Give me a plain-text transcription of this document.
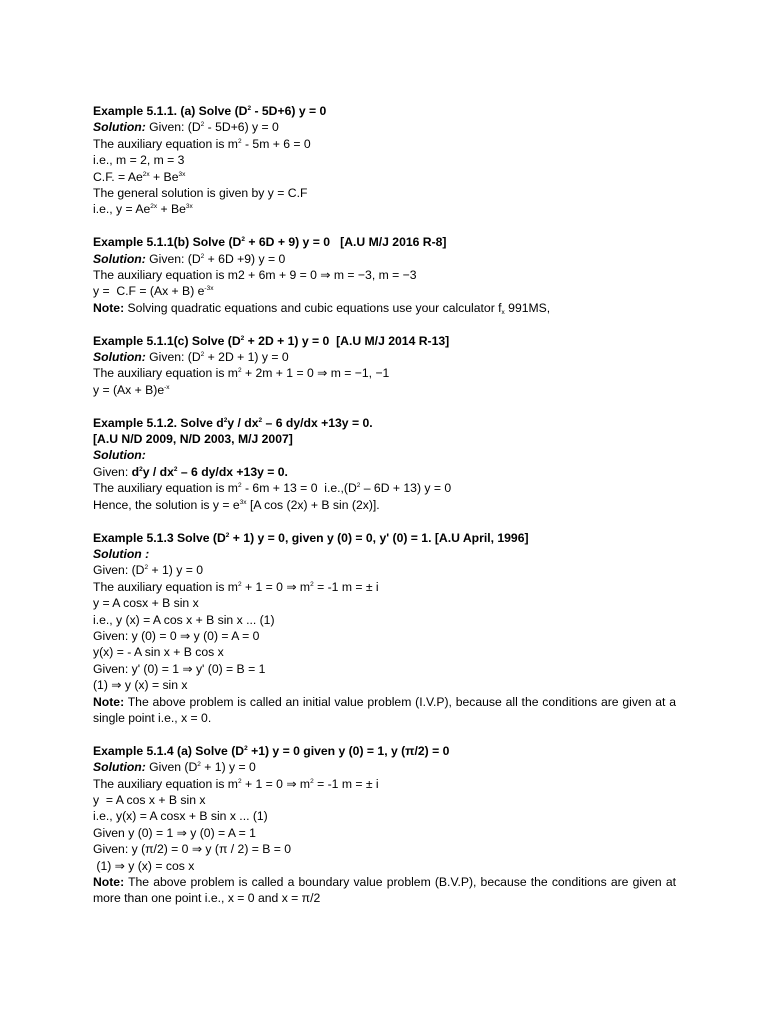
Example 5.1.1. (a) Solve $(D^2 - 5D+6) y = 0$
Solution: Given: $(D^2 - 5D+6) y = 0$
The auxiliary equation is $m^2 - 5m + 6 = 0$
i.e., m = 2, m = 3
C.F. = $Ae^{2x} + Be^{3x}$
The general solution is given by y = C.F
i.e., $y = Ae^{2x} + Be^{3x}$
Example 5.1.1(b) Solve $(D^2 + 6D + 9) y = 0$   [A.U M/J 2016 R-8]
Solution: Given: $(D^2 + 6D +9) y = 0$
The auxiliary equation is m2 + 6m + 9 = 0 ⇒ m = −3, m = −3
y =  C.F = (Ax + B) $e^{-3x}$
Note: Solving quadratic equations and cubic equations use your calculator $f_x$ 991MS,
Example 5.1.1(c) Solve $(D^2 + 2D + 1) y = 0$  [A.U M/J 2014 R-13]
Solution: Given: $(D^2 + 2D + 1) y = 0$
The auxiliary equation is $m^2 + 2m + 1 = 0$ ⇒ m = −1, −1
$y = (Ax + B)e^{-x}$
Example 5.1.2. Solve $d^2y / dx^2 - 6$ dy/dx +13y = 0.
[A.U N/D 2009, N/D 2003, M/J 2007]
Solution:
Given: $d^2y / dx^2 - 6$ dy/dx +13y = 0.
The auxiliary equation is $m^2 - 6m + 13 = 0$  $i.e.,(D^2 - 6D + 13) y = 0$
Hence, the solution is $y = e^{3x}$ [A cos (2x) + B sin (2x)].
Example 5.1.3 Solve $(D^2 + 1) y = 0$, given y (0) = 0, y' (0) = 1. [A.U April, 1996]
Solution :
Given: $(D^2 + 1) y = 0$
The auxiliary equation is $m^2 + 1 = 0$ ⇒ $m^2 = -1$ m = ± i
y = A cosx + B sin x
i.e., y (x) = A cos x + B sin x ... (1)
Given: y (0) = 0 ⇒ y (0) = A = 0
y(x) = - A sin x + B cos x
Given: y' (0) = 1 ⇒ y' (0) = B = 1
(1) ⇒ y (x) = sin x
Note: The above problem is called an initial value problem (I.V.P), because all the conditions are given at a single point i.e., x = 0.
Example 5.1.4 (a) Solve $(D^2 +1) y = 0$ given y (0) = 1, y (π/2) = 0
Solution: Given $(D^2 + 1) y = 0$
The auxiliary equation is $m^2 + 1 = 0$ ⇒ $m^2 = -1$ m = ± i
y  = A cos x + B sin x
i.e., y(x) = A cosx + B sin x ... (1)
Given y (0) = 1 ⇒ y (0) = A = 1
Given: y (π/2) = 0 ⇒ y (π / 2) = B = 0
(1) ⇒ y (x) = cos x
Note: The above problem is called a boundary value problem (B.V.P), because the conditions are given at more than one point i.e., x = 0 and x = π/2
